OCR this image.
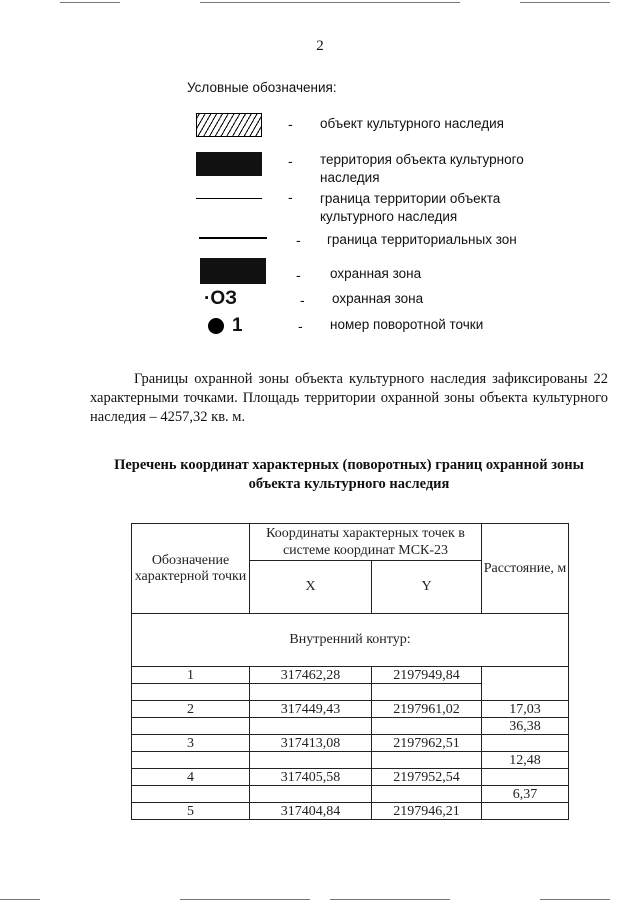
2
Условные обозначения:
- объект культурного наследия
- территория объекта культурного наследия
- граница территории объекта культурного наследия
- граница территориальных зон
- охранная зона
·ОЗ	- охранная зона
1	- номер поворотной точки
Границы охранной зоны объекта культурного наследия зафиксированы 22 характерными точками. Площадь территории охранной зоны объекта культурного наследия – 4257,32 кв. м.
Перечень координат характерных (поворотных) границ охранной зоны объекта культурного наследия
Обозначение характерной точки	Координаты характерных точек в системе координат МСК-23		Расстояние, м
	X	Y	
Внутренний контур:			
1	317462,28	2197949,84	

2	317449,43	2197961,02	17,03
			36,38
3	317413,08	2197962,51	
			12,48
4	317405,58	2197952,54	
			6,37
5	317404,84	2197946,21	
